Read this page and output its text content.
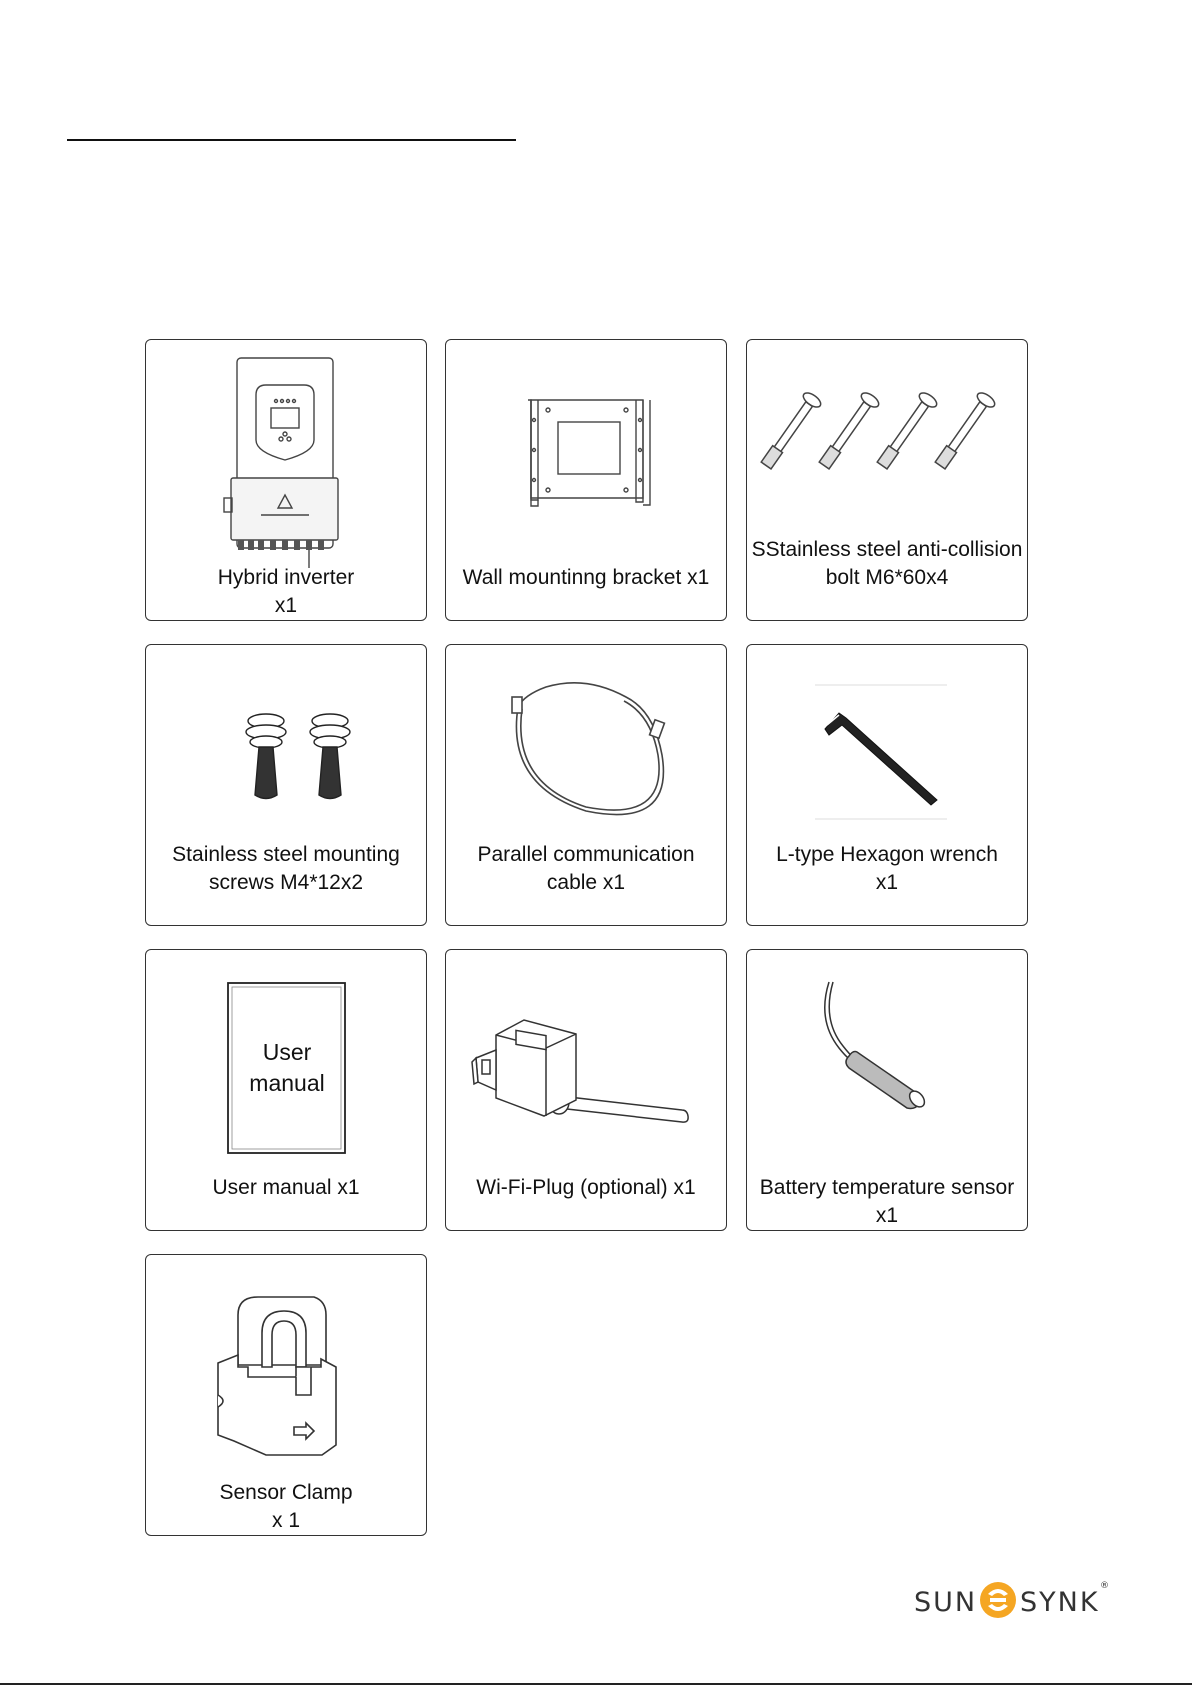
Hybrid inverter
x1
Wall mountinng bracket x1
SStainless steel anti-collision
bolt M6*60x4
Stainless steel mounting
screws M4*12x2
Parallel communication
cable x1
L-type Hexagon wrench
x1
User
manual
User manual x1	Wi-Fi-Plug (optional) x1	Battery temperature sensor
x1
Sensor Clamp
x 1
SUN SYNK
®
